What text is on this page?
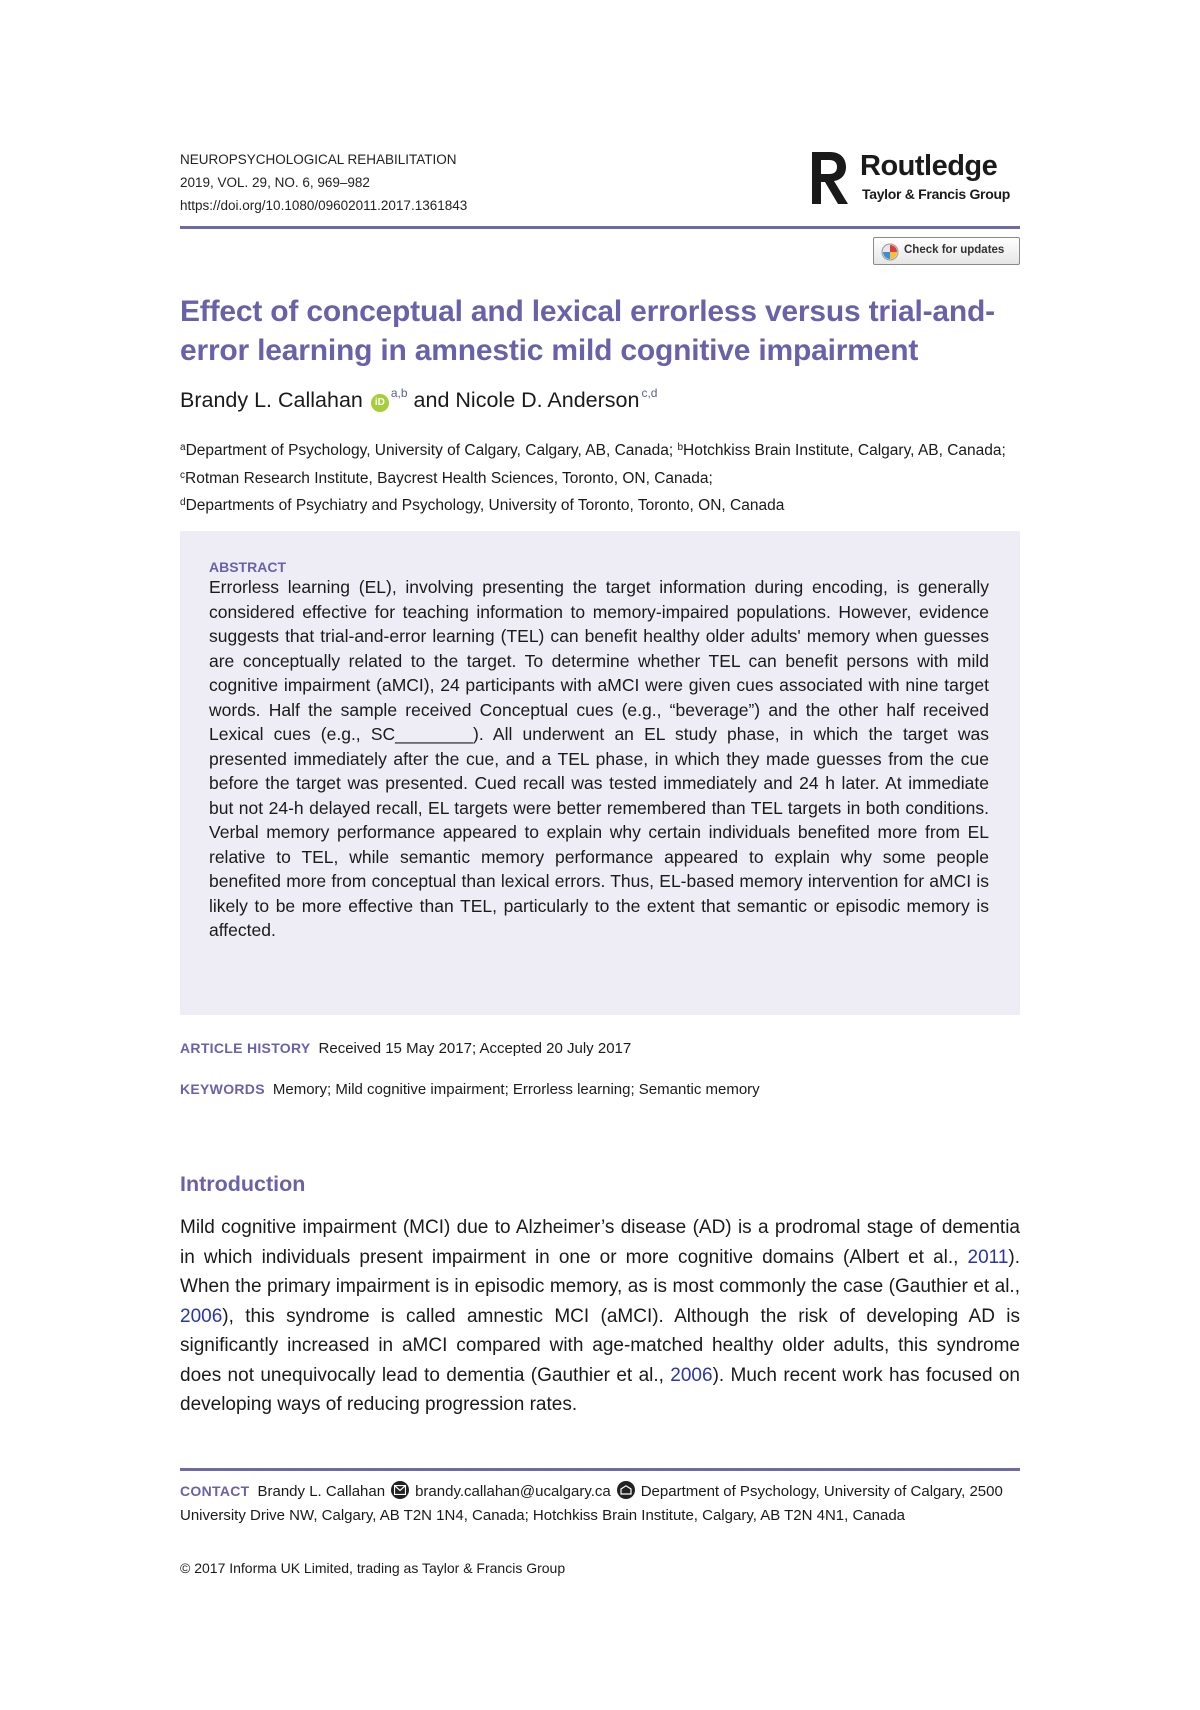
NEUROPSYCHOLOGICAL REHABILITATION
2019, VOL. 29, NO. 6, 969–982
https://doi.org/10.1080/09602011.2017.1361843
Routledge
Taylor & Francis Group
Check for updates
Effect of conceptual and lexical errorless versus trial-and-error learning in amnestic mild cognitive impairment
Brandy L. Callahan iD$^{a,b}$ and Nicole D. Anderson $^{c,d}$
$^a$Department of Psychology, University of Calgary, Calgary, AB, Canada; $^b$Hotchkiss Brain Institute, Calgary, AB, Canada; $^c$Rotman Research Institute, Baycrest Health Sciences, Toronto, ON, Canada;
$^d$Departments of Psychiatry and Psychology, University of Toronto, Toronto, ON, Canada
ABSTRACT
Errorless learning (EL), involving presenting the target information during encoding, is generally considered effective for teaching information to memory-impaired populations. However, evidence suggests that trial-and-error learning (TEL) can benefit healthy older adults' memory when guesses are conceptually related to the target. To determine whether TEL can benefit persons with mild cognitive impairment (aMCI), 24 participants with aMCI were given cues associated with nine target words. Half the sample received Conceptual cues (e.g., “beverage”) and the other half received Lexical cues (e.g., SC________). All underwent an EL study phase, in which the target was presented immediately after the cue, and a TEL phase, in which they made guesses from the cue before the target was presented. Cued recall was tested immediately and 24 h later. At immediate but not 24-h delayed recall, EL targets were better remembered than TEL targets in both conditions. Verbal memory performance appeared to explain why certain individuals benefited more from EL relative to TEL, while semantic memory performance appeared to explain why some people benefited more from conceptual than lexical errors. Thus, EL-based memory intervention for aMCI is likely to be more effective than TEL, particularly to the extent that semantic or episodic memory is affected.
ARTICLE HISTORY Received 15 May 2017; Accepted 20 July 2017
KEYWORDS Memory; Mild cognitive impairment; Errorless learning; Semantic memory
Introduction
Mild cognitive impairment (MCI) due to Alzheimer’s disease (AD) is a prodromal stage of dementia in which individuals present impairment in one or more cognitive domains (Albert et al., 2011). When the primary impairment is in episodic memory, as is most commonly the case (Gauthier et al., 2006), this syndrome is called amnestic MCI (aMCI). Although the risk of developing AD is significantly increased in aMCI compared with age-matched healthy older adults, this syndrome does not unequivocally lead to dementia (Gauthier et al., 2006). Much recent work has focused on developing ways of reducing progression rates.
CONTACT Brandy L. Callahan brandy.callahan@ucalgary.ca Department of Psychology, University of Calgary, 2500 University Drive NW, Calgary, AB T2N 1N4, Canada; Hotchkiss Brain Institute, Calgary, AB T2N 4N1, Canada
© 2017 Informa UK Limited, trading as Taylor & Francis Group
